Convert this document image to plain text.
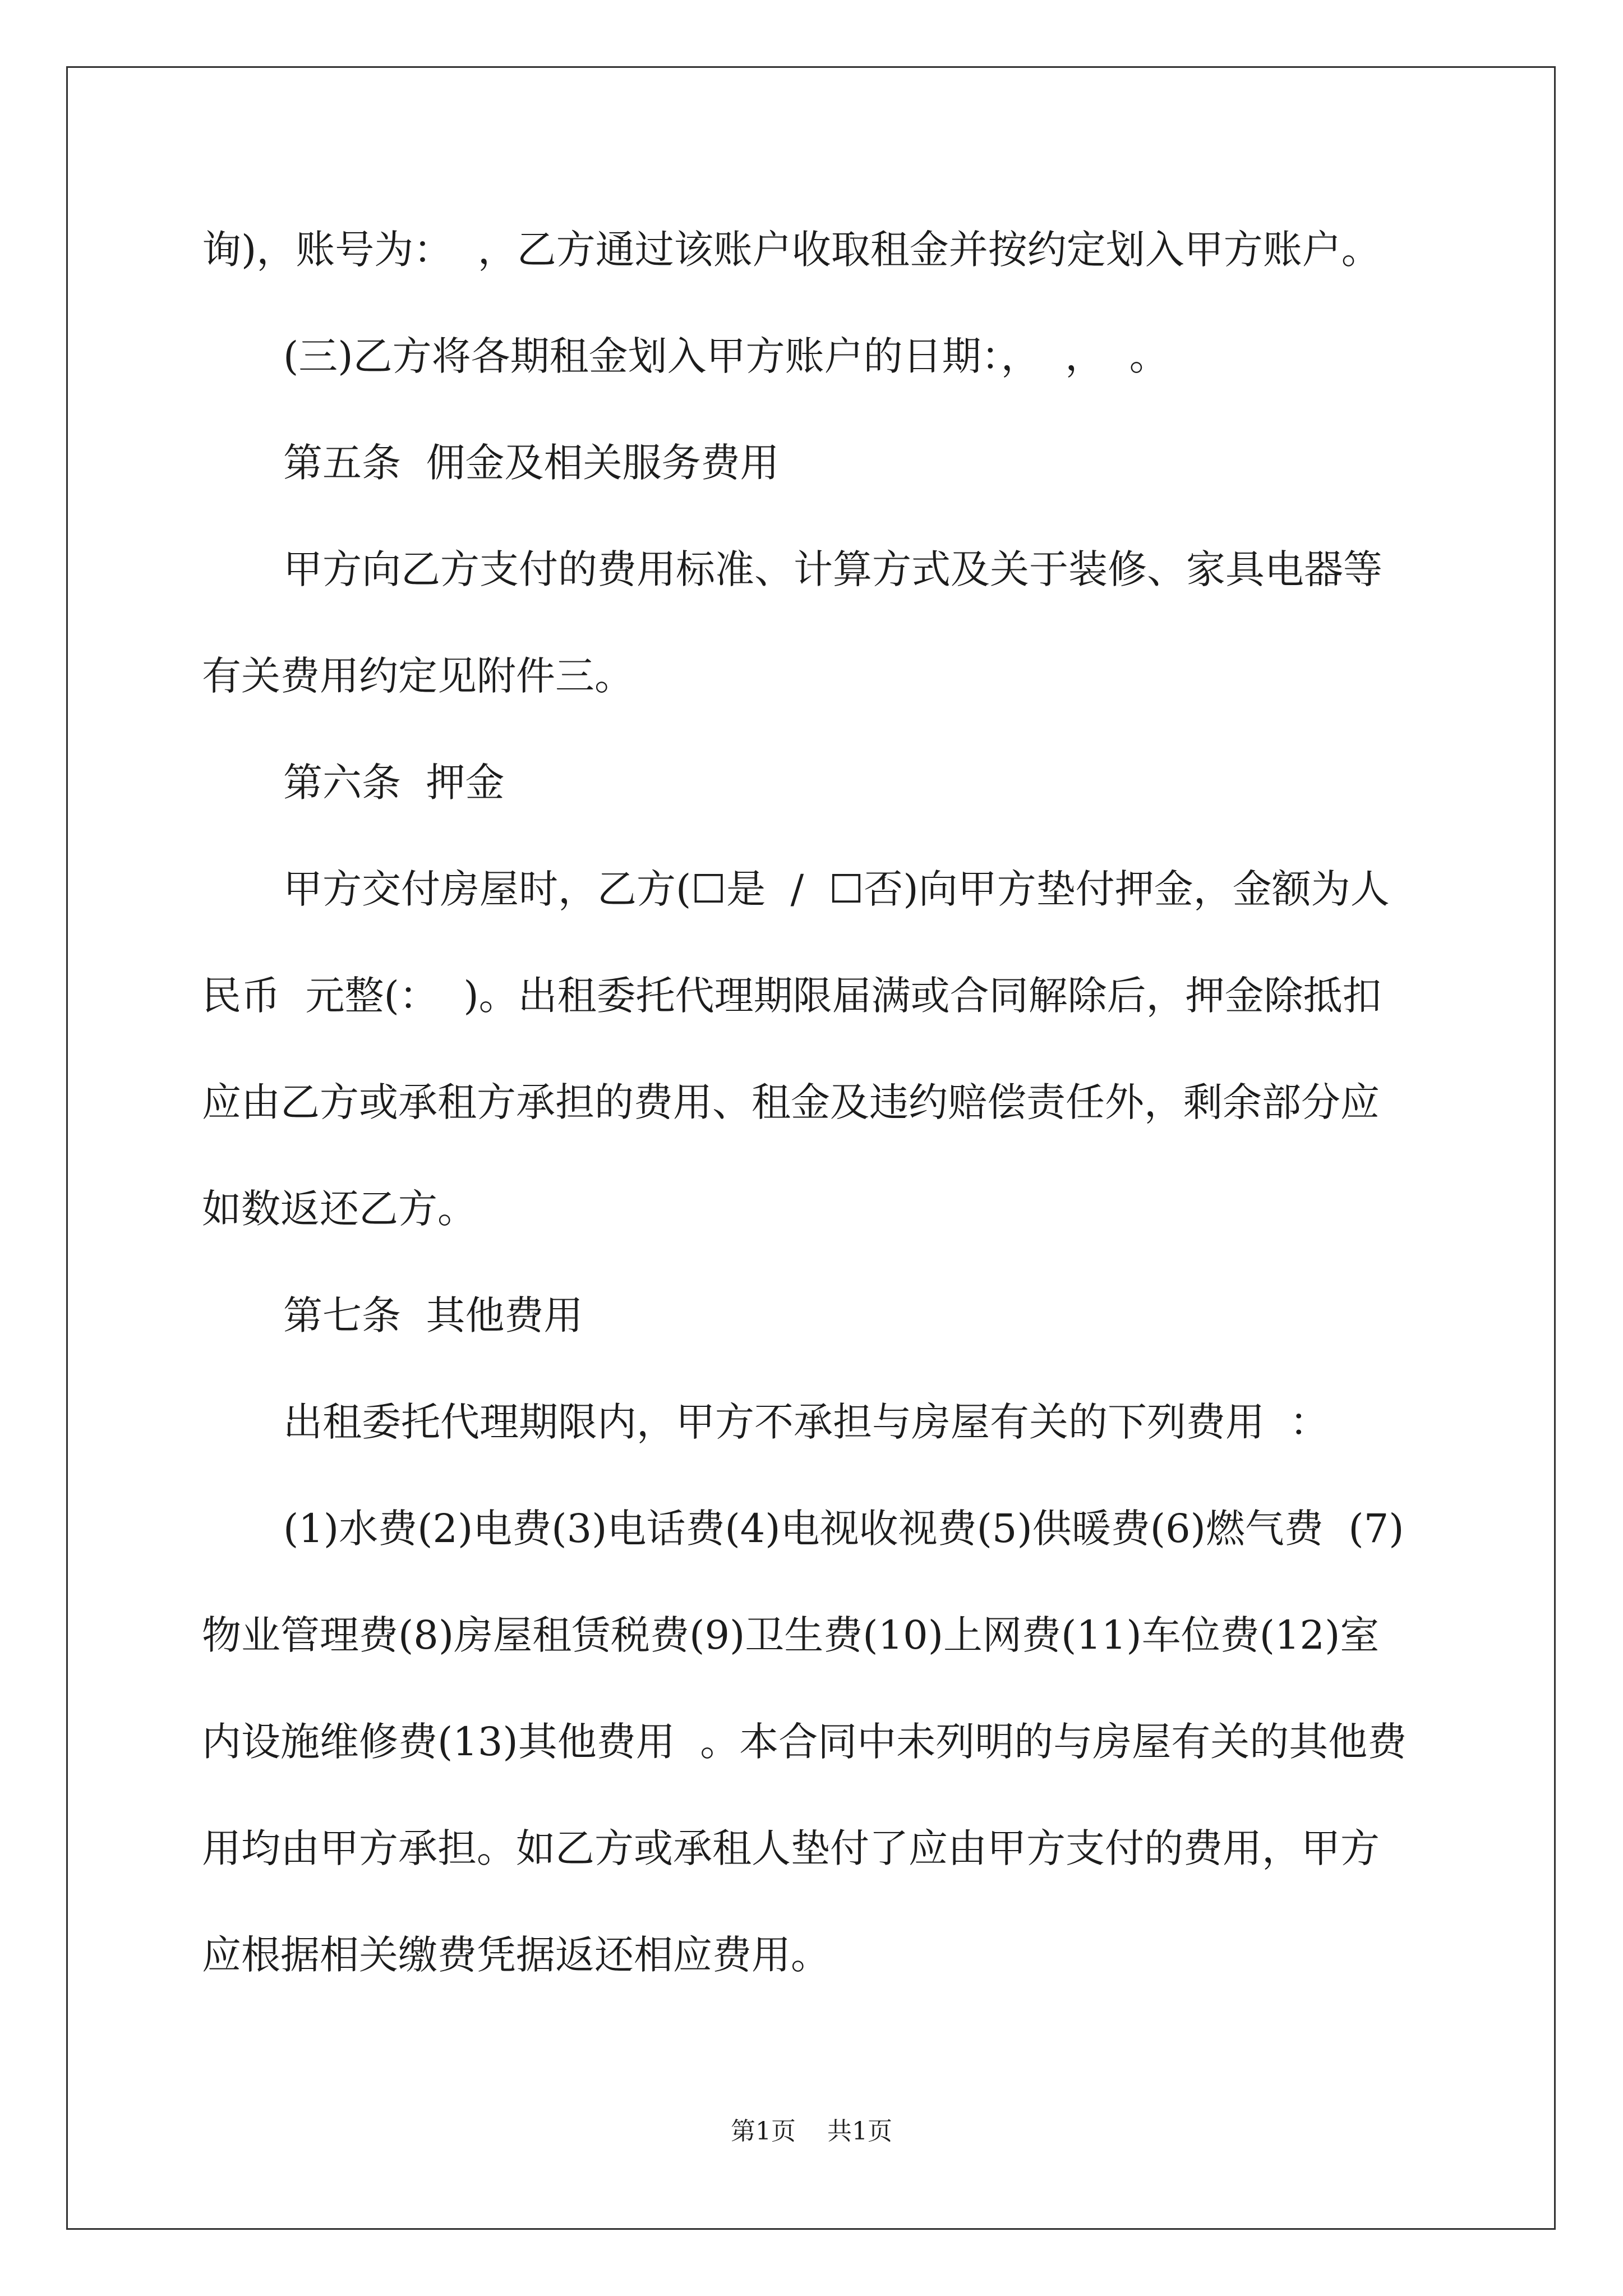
询)，账号为：  ，乙方通过该账户收取租金并按约定划入甲方账户。

(三)乙方将各期租金划入甲方账户的日期：，  ，  。

第五条  佣金及相关服务费用

甲方向乙方支付的费用标准、计算方式及关于装修、家具电器等

有关费用约定见附件三。

第六条  押金

甲方交付房屋时，乙方(☐是  /  ☐否)向甲方垫付押金，金额为人

民币  元整(：  )。出租委托代理期限届满或合同解除后，押金除抵扣

应由乙方或承租方承担的费用、租金及违约赔偿责任外，剩余部分应

如数返还乙方。

第七条  其他费用

出租委托代理期限内，甲方不承担与房屋有关的下列费用  ：

(1)水费(2)电费(3)电话费(4)电视收视费(5)供暖费(6)燃气费  (7)

物业管理费(8)房屋租赁税费(9)卫生费(10)上网费(11)车位费(12)室

内设施维修费(13)其他费用  。本合同中未列明的与房屋有关的其他费

用均由甲方承担。如乙方或承租人垫付了应由甲方支付的费用，甲方

应根据相关缴费凭据返还相应费用。

第1页    共1页
